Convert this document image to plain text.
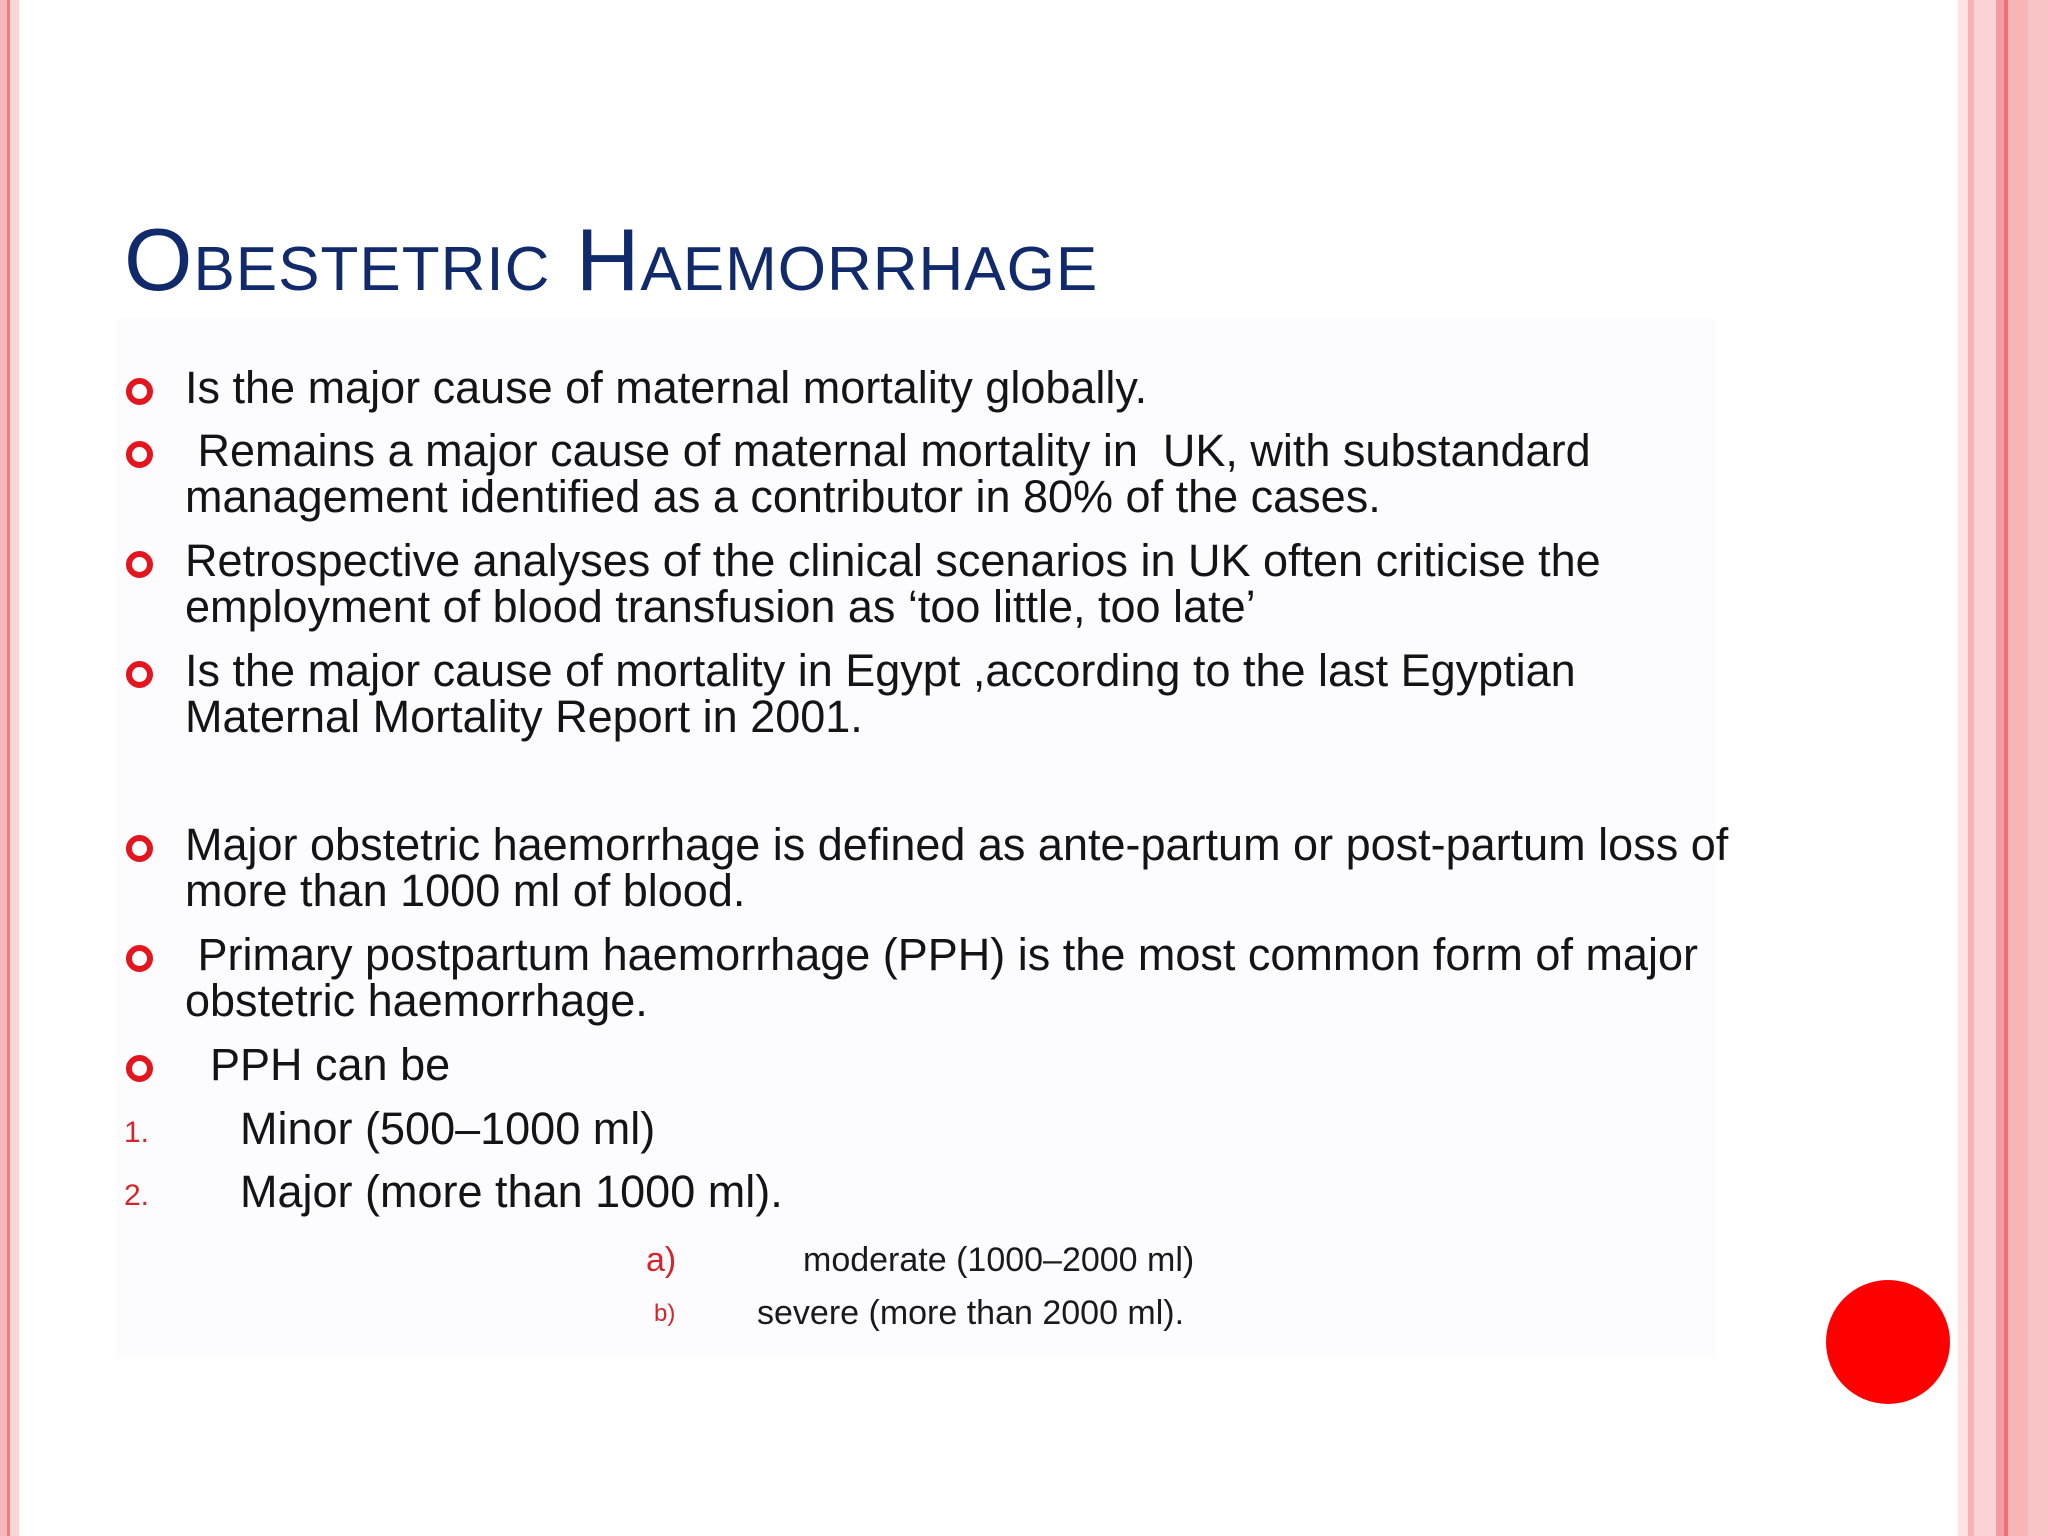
Obestetric Haemorrhage
Is the major cause of maternal mortality globally.
Remains a major cause of maternal mortality in  UK, with substandard management identified as a contributor in 80% of the cases.
Retrospective analyses of the clinical scenarios in UK often criticise the employment of blood transfusion as ‘too little, too late’
Is the major cause of mortality in Egypt ,according to the last Egyptian Maternal Mortality Report in 2001.
Major obstetric haemorrhage is defined as ante-partum or post-partum loss of more than 1000 ml of blood.
Primary postpartum haemorrhage (PPH) is the most common form of major obstetric haemorrhage.
PPH can be
1. Minor (500–1000 ml)
2. Major (more than 1000 ml).
a)	moderate (1000–2000 ml)
b) severe (more than 2000 ml).
